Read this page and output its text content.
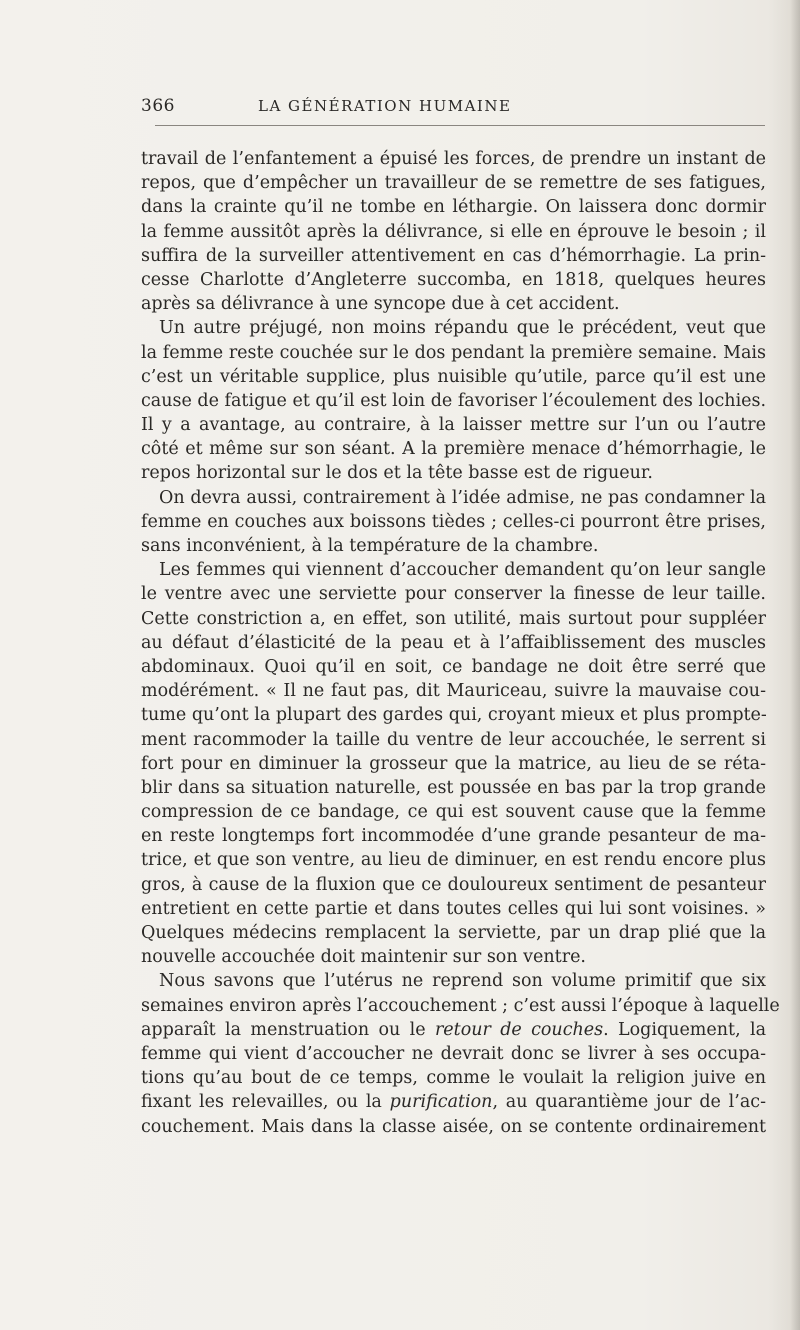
366	LA GÉNÉRATION HUMAINE
travail de l’enfantement a épuisé les forces, de prendre un instant de
repos, que d’empêcher un travailleur de se remettre de ses fatigues,
dans la crainte qu’il ne tombe en léthargie. On laissera donc dormir
la femme aussitôt après la délivrance, si elle en éprouve le besoin ; il
suffira de la surveiller attentivement en cas d’hémorrhagie. La prin-
cesse Charlotte d’Angleterre succomba, en 1818, quelques heures
après sa délivrance à une syncope due à cet accident.
Un autre préjugé, non moins répandu que le précédent, veut que
la femme reste couchée sur le dos pendant la première semaine. Mais
c’est un véritable supplice, plus nuisible qu’utile, parce qu’il est une
cause de fatigue et qu’il est loin de favoriser l’écoulement des lochies.
Il y a avantage, au contraire, à la laisser mettre sur l’un ou l’autre
côté et même sur son séant. A la première menace d’hémorrhagie, le
repos horizontal sur le dos et la tête basse est de rigueur.
On devra aussi, contrairement à l’idée admise, ne pas condamner la
femme en couches aux boissons tièdes ; celles-ci pourront être prises,
sans inconvénient, à la température de la chambre.
Les femmes qui viennent d’accoucher demandent qu’on leur sangle
le ventre avec une serviette pour conserver la finesse de leur taille.
Cette constriction a, en effet, son utilité, mais surtout pour suppléer
au défaut d’élasticité de la peau et à l’affaiblissement des muscles
abdominaux. Quoi qu’il en soit, ce bandage ne doit être serré que
modérément. « Il ne faut pas, dit Mauriceau, suivre la mauvaise cou-
tume qu’ont la plupart des gardes qui, croyant mieux et plus prompte-
ment racommoder la taille du ventre de leur accouchée, le serrent si
fort pour en diminuer la grosseur que la matrice, au lieu de se réta-
blir dans sa situation naturelle, est poussée en bas par la trop grande
compression de ce bandage, ce qui est souvent cause que la femme
en reste longtemps fort incommodée d’une grande pesanteur de ma-
trice, et que son ventre, au lieu de diminuer, en est rendu encore plus
gros, à cause de la fluxion que ce douloureux sentiment de pesanteur
entretient en cette partie et dans toutes celles qui lui sont voisines. »
Quelques médecins remplacent la serviette, par un drap plié que la
nouvelle accouchée doit maintenir sur son ventre.
Nous savons que l’utérus ne reprend son volume primitif que six
semaines environ après l’accouchement ; c’est aussi l’époque à laquelle
apparaît la menstruation ou le retour de couches. Logiquement, la
femme qui vient d’accoucher ne devrait donc se livrer à ses occupa-
tions qu’au bout de ce temps, comme le voulait la religion juive en
fixant les relevailles, ou la purification, au quarantième jour de l’ac-
couchement. Mais dans la classe aisée, on se contente ordinairement
